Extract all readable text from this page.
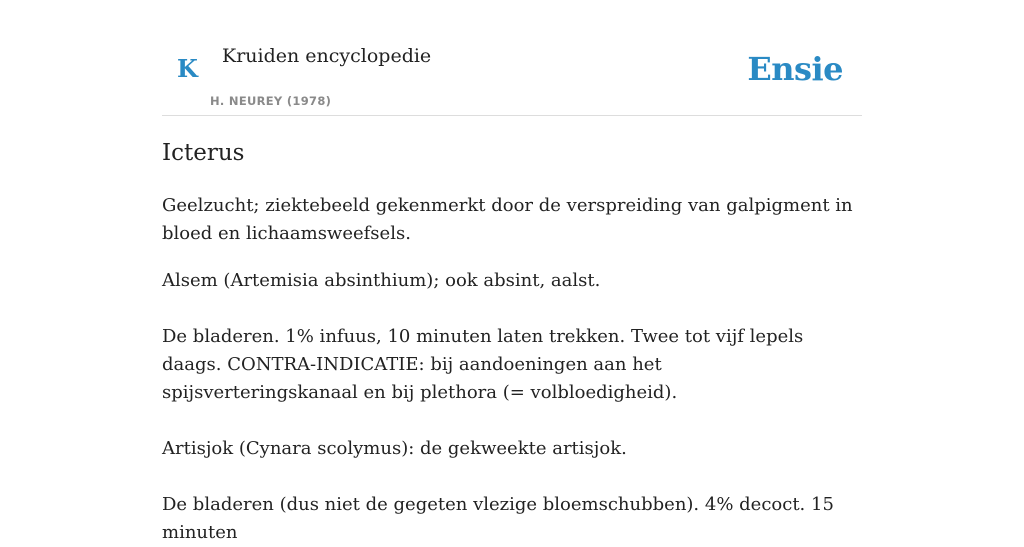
K Kruiden encyclopedie
H. NEUREY (1978)
Ensie
Icterus

Geelzucht; ziektebeeld gekenmerkt door de verspreiding van galpigment in bloed en lichaamsweefsels.

Alsem (Artemisia absinthium); ook absint, aalst.

De bladeren. 1% infuus, 10 minuten laten trekken. Twee tot vijf lepels daags. CONTRA-INDICATIE: bij aandoeningen aan het spijsverteringskanaal en bij plethora (= volbloedigheid).

Artisjok (Cynara scolymus): de gekweekte artisjok.

De bladeren (dus niet de gegeten vlezige bloemschubben). 4% decoct. 15 minuten
